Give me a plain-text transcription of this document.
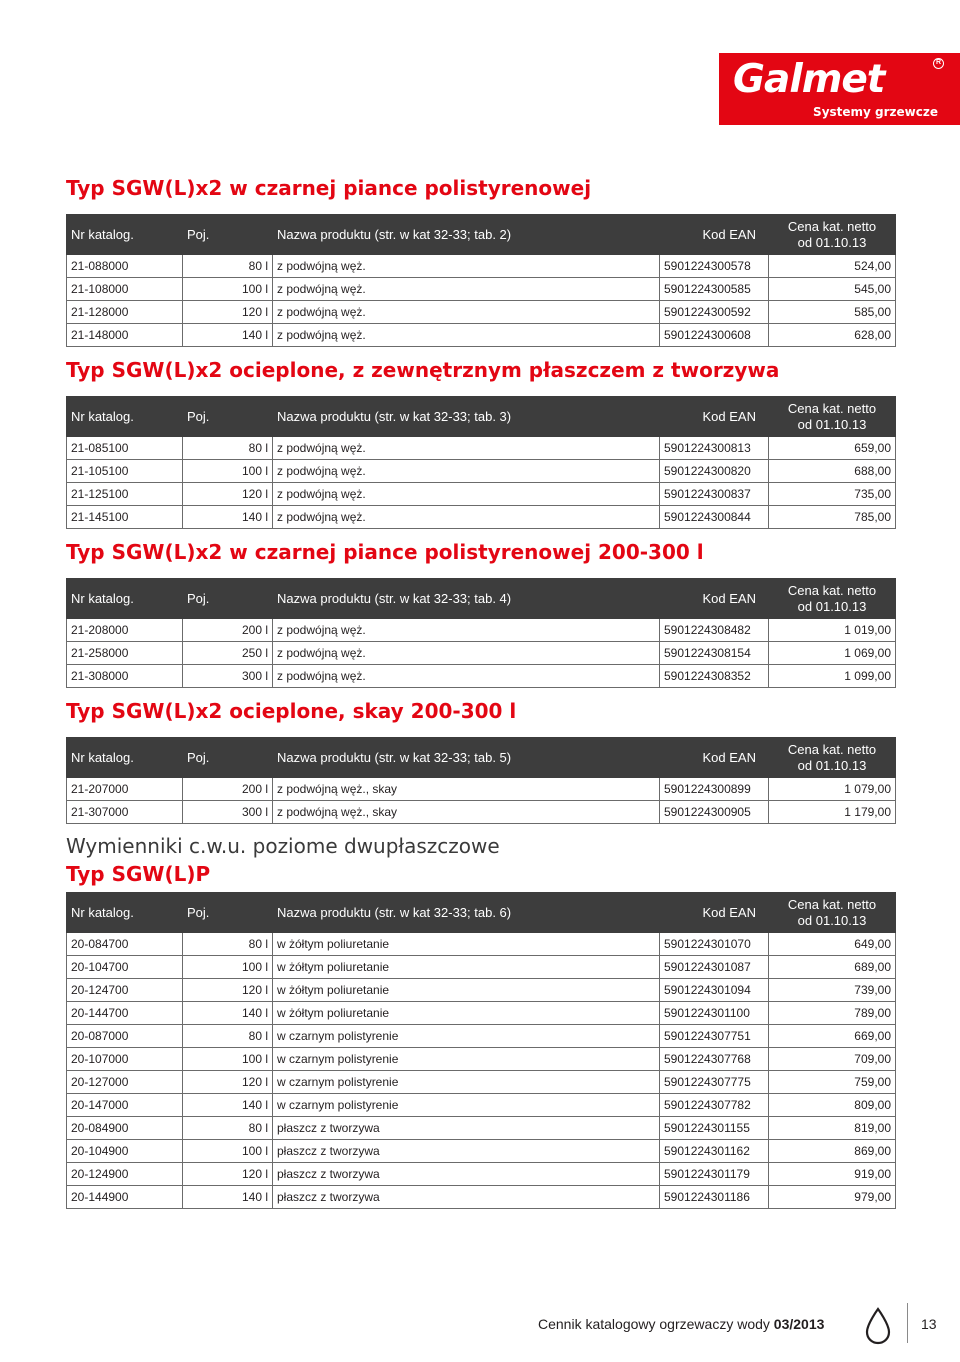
Galmet	R
Systemy grzewcze
Typ SGW(L)x2 w czarnej piance polistyrenowej
Nr katalog.	Poj.	Nazwa produktu (str. w kat 32-33; tab. 2)	Kod EAN	Cena kat. netto
od 01.10.13
21-088000	80 l	z podwójną węż.	5901224300578	524,00
21-108000	100 l	z podwójną węż.	5901224300585	545,00
21-128000	120 l	z podwójną węż.	5901224300592	585,00
21-148000	140 l	z podwójną węż.	5901224300608	628,00
Typ SGW(L)x2 ocieplone, z zewnętrznym płaszczem z tworzywa
Nr katalog.	Poj.	Nazwa produktu (str. w kat 32-33; tab. 3)	Kod EAN	Cena kat. netto
od 01.10.13
21-085100	80 l	z podwójną węż.	5901224300813	659,00
21-105100	100 l	z podwójną węż.	5901224300820	688,00
21-125100	120 l	z podwójną węż.	5901224300837	735,00
21-145100	140 l	z podwójną węż.	5901224300844	785,00
Typ SGW(L)x2 w czarnej piance polistyrenowej 200-300 l
Nr katalog.	Poj.	Nazwa produktu (str. w kat 32-33; tab. 4)	Kod EAN	Cena kat. netto
od 01.10.13
21-208000	200 l	z podwójną węż.	5901224308482	1 019,00
21-258000	250 l	z podwójną węż.	5901224308154	1 069,00
21-308000	300 l	z podwójną węż.	5901224308352	1 099,00
Typ SGW(L)x2 ocieplone, skay 200-300 l
Nr katalog.	Poj.	Nazwa produktu (str. w kat 32-33; tab. 5)	Kod EAN	Cena kat. netto
od 01.10.13
21-207000	200 l	z podwójną węż., skay	5901224300899	1 079,00
21-307000	300 l	z podwójną węż., skay	5901224300905	1 179,00
Wymienniki c.w.u. poziome dwupłaszczowe
Typ SGW(L)P
Nr katalog.	Poj.	Nazwa produktu (str. w kat 32-33; tab. 6)	Kod EAN	Cena kat. netto
od 01.10.13
20-084700	80 l	w żółtym poliuretanie	5901224301070	649,00
20-104700	100 l	w żółtym poliuretanie	5901224301087	689,00
20-124700	120 l	w żółtym poliuretanie	5901224301094	739,00
20-144700	140 l	w żółtym poliuretanie	5901224301100	789,00
20-087000	80 l	w czarnym polistyrenie	5901224307751	669,00
20-107000	100 l	w czarnym polistyrenie	5901224307768	709,00
20-127000	120 l	w czarnym polistyrenie	5901224307775	759,00
20-147000	140 l	w czarnym polistyrenie	5901224307782	809,00
20-084900	80 l	płaszcz z tworzywa	5901224301155	819,00
20-104900	100 l	płaszcz z tworzywa	5901224301162	869,00
20-124900	120 l	płaszcz z tworzywa	5901224301179	919,00
20-144900	140 l	płaszcz z tworzywa	5901224301186	979,00
Cennik katalogowy ogrzewaczy wody 03/2013	13
